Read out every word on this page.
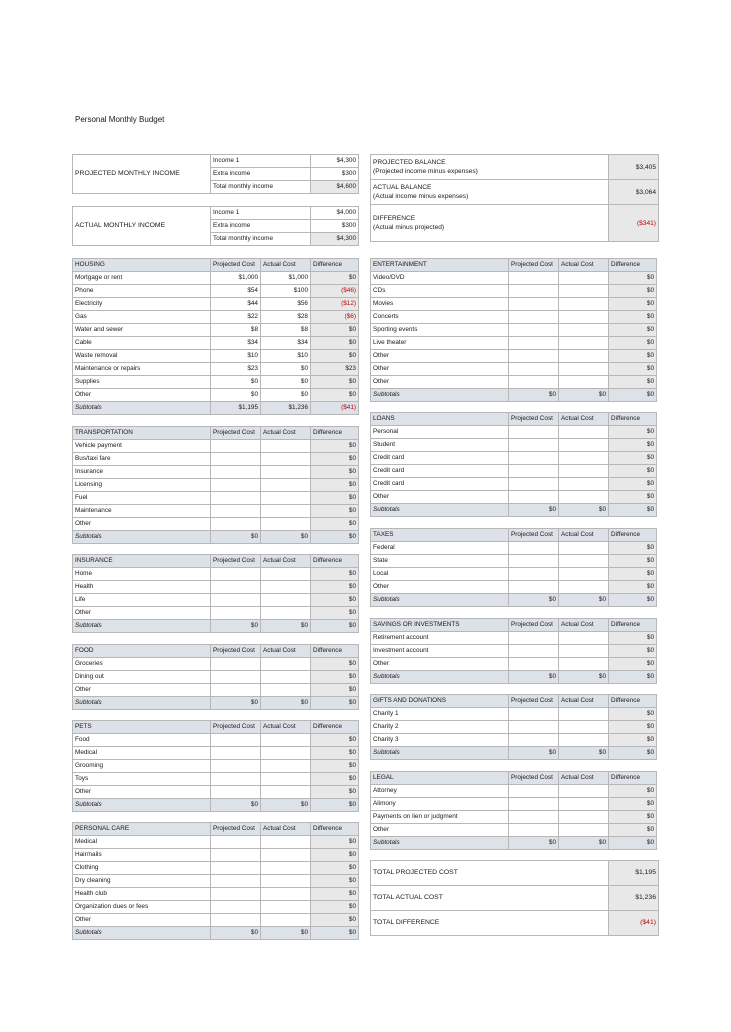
Personal Monthly Budget
PROJECTED MONTHLY INCOME	Income 1	$4,300
	Extra income	$300
	Total monthly income	$4,600
ACTUAL MONTHLY INCOME	Income 1	$4,000
	Extra income	$300
	Total monthly income	$4,300
PROJECTED BALANCE
(Projected income minus expenses)	$3,405

ACTUAL BALANCE
(Actual income minus expenses)	$3,064

DIFFERENCE
(Actual minus projected)	($341)
HOUSING	Projected Cost	Actual Cost	Difference
Mortgage or rent	$1,000	$1,000	$0
Phone	$54	$100	($46)
Electricity	$44	$56	($12)
Gas	$22	$28	($6)
Water and sewer	$8	$8	$0
Cable	$34	$34	$0
Waste removal	$10	$10	$0
Maintenance or repairs	$23	$0	$23
Supplies	$0	$0	$0
Other	$0	$0	$0
Subtotals	$1,195	$1,236	($41)
TRANSPORTATION	Projected Cost	Actual Cost	Difference
Vehicle payment			$0
Bus/taxi fare			$0
Insurance			$0
Licensing			$0
Fuel			$0
Maintenance			$0
Other			$0
Subtotals	$0	$0	$0
INSURANCE	Projected Cost	Actual Cost	Difference
Home			$0
Health			$0
Life			$0
Other			$0
Subtotals	$0	$0	$0
FOOD	Projected Cost	Actual Cost	Difference
Groceries			$0
Dining out			$0
Other			$0
Subtotals	$0	$0	$0
PETS	Projected Cost	Actual Cost	Difference
Food			$0
Medical			$0
Grooming			$0
Toys			$0
Other			$0
Subtotals	$0	$0	$0
PERSONAL CARE	Projected Cost	Actual Cost	Difference
Medical			$0
Hair/nails			$0
Clothing			$0
Dry cleaning			$0
Health club			$0
Organization dues or fees			$0
Other			$0
Subtotals	$0	$0	$0
ENTERTAINMENT	Projected Cost	Actual Cost	Difference
Video/DVD			$0
CDs			$0
Movies			$0
Concerts			$0
Sporting events			$0
Live theater			$0
Other			$0
Other			$0
Other			$0
Subtotals	$0	$0	$0
LOANS	Projected Cost	Actual Cost	Difference
Personal			$0
Student			$0
Credit card			$0
Credit card			$0
Credit card			$0
Other			$0
Subtotals	$0	$0	$0
TAXES	Projected Cost	Actual Cost	Difference
Federal			$0
State			$0
Local			$0
Other			$0
Subtotals	$0	$0	$0
SAVINGS OR INVESTMENTS	Projected Cost	Actual Cost	Difference
Retirement account			$0
Investment account			$0
Other			$0
Subtotals	$0	$0	$0
GIFTS AND DONATIONS	Projected Cost	Actual Cost	Difference
Charity 1			$0
Charity 2			$0
Charity 3			$0
Subtotals	$0	$0	$0
LEGAL	Projected Cost	Actual Cost	Difference
Attorney			$0
Alimony			$0
Payments on lien or judgment			$0
Other			$0
Subtotals	$0	$0	$0
TOTAL PROJECTED COST	$1,195
TOTAL ACTUAL COST	$1,236
TOTAL DIFFERENCE	($41)
